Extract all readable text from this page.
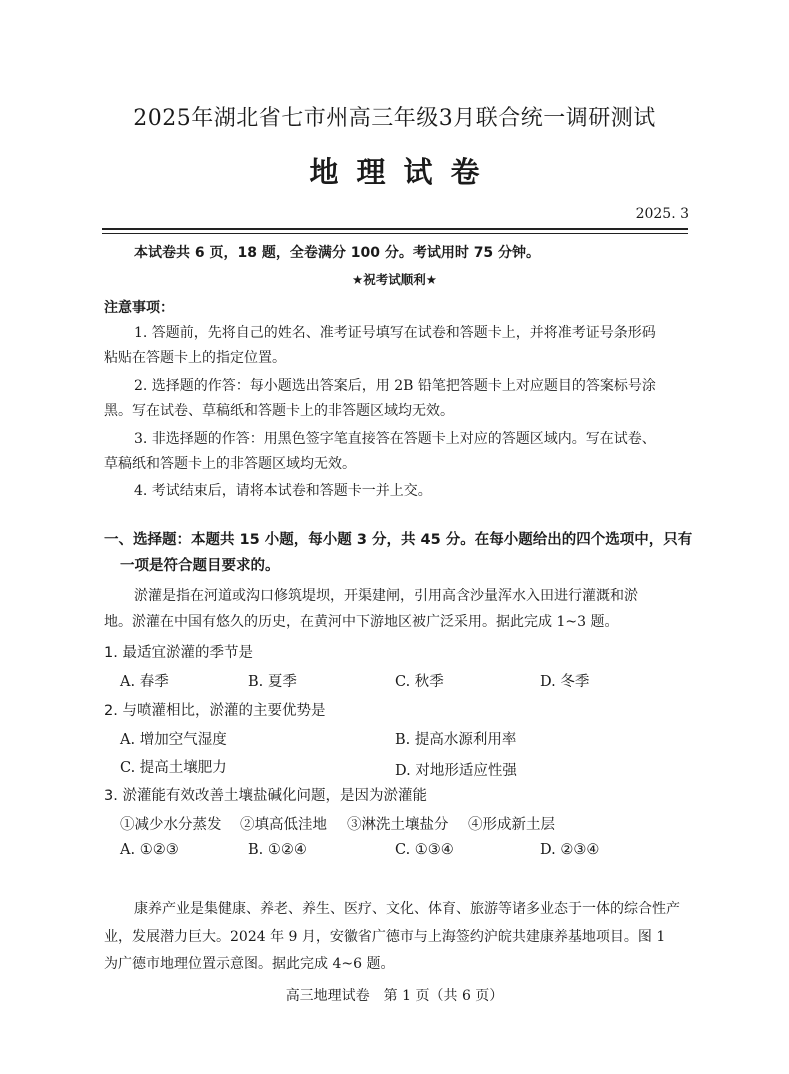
2025年湖北省七市州高三年级3月联合统一调研测试
地理试卷
2025. 3
本试卷共 6 页，18 题，全卷满分 100 分。考试用时 75 分钟。
★祝考试顺利★
注意事项：
1. 答题前，先将自己的姓名、准考证号填写在试卷和答题卡上，并将准考证号条形码
粘贴在答题卡上的指定位置。
2. 选择题的作答：每小题选出答案后，用 2B 铅笔把答题卡上对应题目的答案标号涂
黑。写在试卷、草稿纸和答题卡上的非答题区域均无效。
3. 非选择题的作答：用黑色签字笔直接答在答题卡上对应的答题区域内。写在试卷、
草稿纸和答题卡上的非答题区域均无效。
4. 考试结束后，请将本试卷和答题卡一并上交。
一、选择题：本题共 15 小题，每小题 3 分，共 45 分。在每小题给出的四个选项中，只有
一项是符合题目要求的。
淤灌是指在河道或沟口修筑堤坝，开渠建闸，引用高含沙量浑水入田进行灌溉和淤
地。淤灌在中国有悠久的历史，在黄河中下游地区被广泛采用。据此完成 1~3 题。
1. 最适宜淤灌的季节是
A. 春季	B. 夏季	C. 秋季	D. 冬季
2. 与喷灌相比，淤灌的主要优势是
A. 增加空气湿度	B. 提高水源利用率
C. 提高土壤肥力	D. 对地形适应性强
3. 淤灌能有效改善土壤盐碱化问题，是因为淤灌能
①减少水分蒸发 ②填高低洼地 ③淋洗土壤盐分 ④形成新土层
A. ①②③	B. ①②④	C. ①③④	D. ②③④
康养产业是集健康、养老、养生、医疗、文化、体育、旅游等诸多业态于一体的综合性产
业，发展潜力巨大。2024 年 9 月，安徽省广德市与上海签约沪皖共建康养基地项目。图 1
为广德市地理位置示意图。据此完成 4~6 题。
高三地理试卷　第 1 页（共 6 页）
